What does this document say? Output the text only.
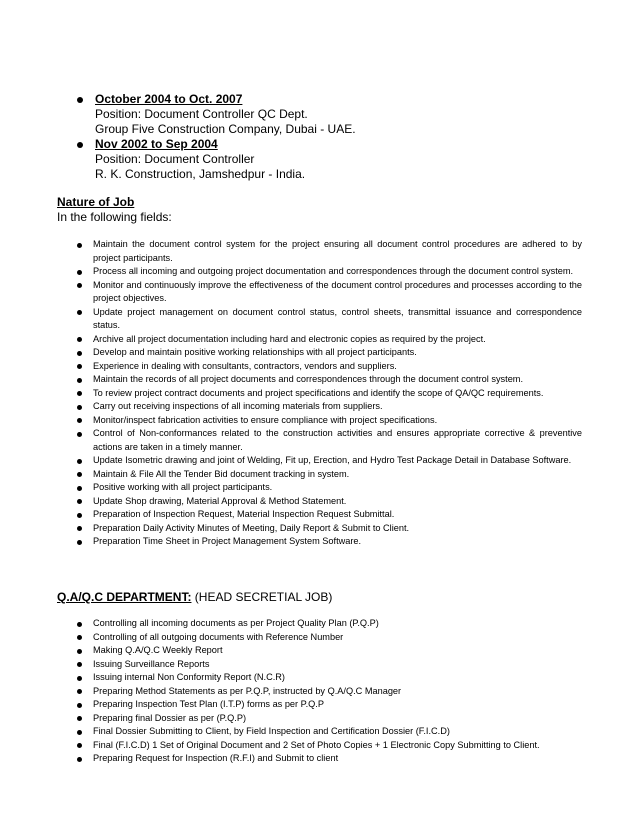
October 2004 to Oct. 2007
Position: Document Controller QC Dept.
Group Five Construction Company, Dubai - UAE.
Nov 2002 to Sep 2004
Position: Document Controller
R. K. Construction, Jamshedpur - India.
Nature of Job
In the following fields:
Maintain the document control system for the project ensuring all document control procedures are adhered to by project participants.
Process all incoming and outgoing project documentation and correspondences through the document control system.
Monitor and continuously improve the effectiveness of the document control procedures and processes according to the project objectives.
Update project management on document control status, control sheets, transmittal issuance and correspondence status.
Archive all project documentation including hard and electronic copies as required by the project.
Develop and maintain positive working relationships with all project participants.
Experience in dealing with consultants, contractors, vendors and suppliers.
Maintain the records of all project documents and correspondences through the document control system.
To review project contract documents and project specifications and identify the scope of QA/QC requirements.
Carry out receiving inspections of all incoming materials from suppliers.
Monitor/inspect fabrication activities to ensure compliance with project specifications.
Control of Non-conformances related to the construction activities and ensures appropriate corrective & preventive actions are taken in a timely manner.
Update Isometric drawing and joint of Welding, Fit up, Erection, and Hydro Test Package Detail in Database Software.
Maintain & File All the Tender Bid document tracking in system.
Positive working with all project participants.
Update Shop drawing, Material Approval & Method Statement.
Preparation of Inspection Request, Material Inspection Request Submittal.
Preparation Daily Activity Minutes of Meeting, Daily Report & Submit to Client.
Preparation Time Sheet in Project Management System Software.
Q.A/Q.C DEPARTMENT: (HEAD SECRETIAL JOB)
Controlling all incoming documents as per Project Quality Plan (P.Q.P)
Controlling of all outgoing documents with Reference Number
Making Q.A/Q.C Weekly Report
Issuing Surveillance Reports
Issuing internal Non Conformity Report (N.C.R)
Preparing Method Statements as per P.Q.P, instructed by Q.A/Q.C Manager
Preparing Inspection Test Plan (I.T.P) forms as per P.Q.P
Preparing final Dossier as per (P.Q.P)
Final Dossier Submitting to Client, by Field Inspection and Certification Dossier (F.I.C.D)
Final (F.I.C.D) 1 Set of Original Document and 2 Set of Photo Copies + 1 Electronic Copy Submitting to Client.
Preparing Request for Inspection (R.F.I) and Submit to client
